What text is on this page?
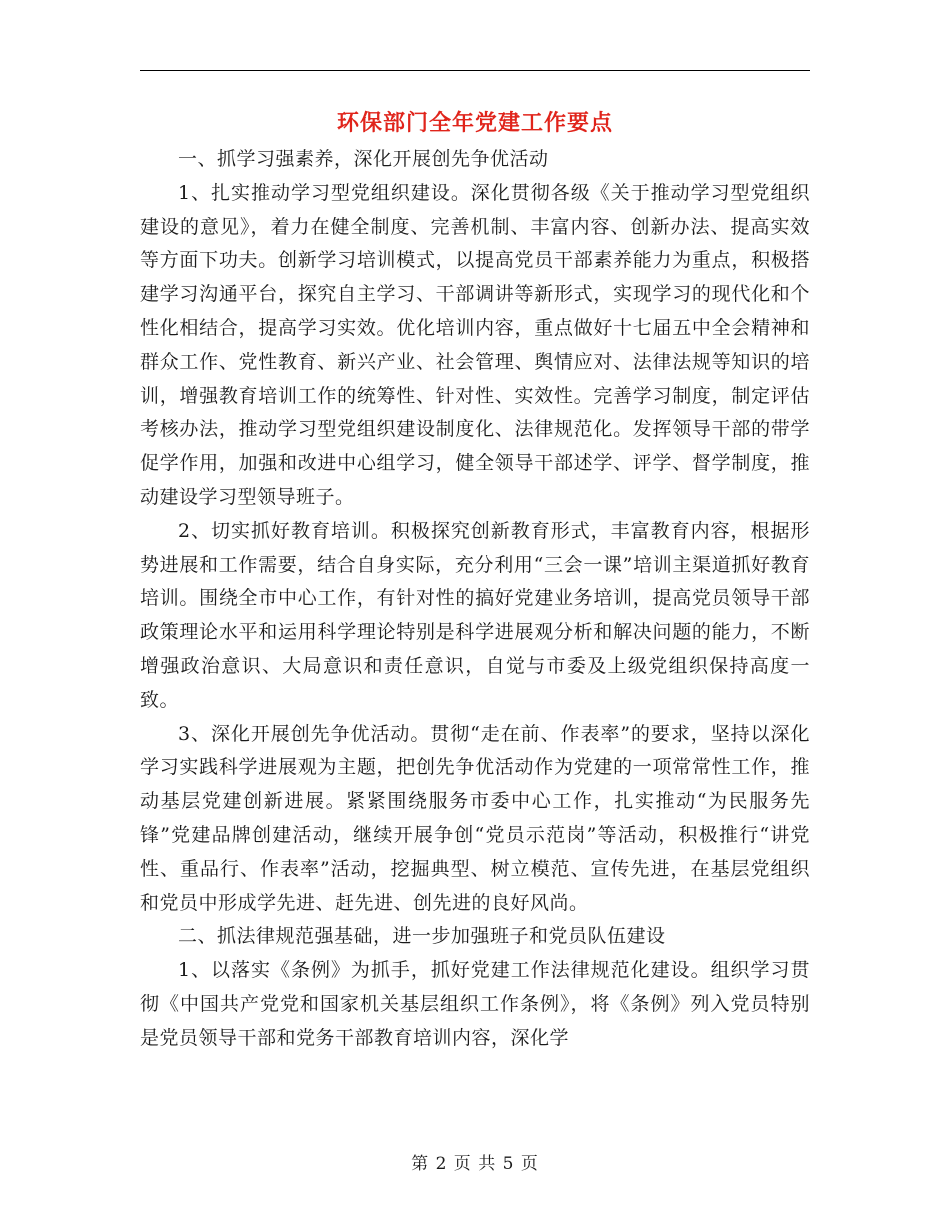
环保部门全年党建工作要点

一、抓学习强素养，深化开展创先争优活动

1、扎实推动学习型党组织建设。深化贯彻各级《关于推动学习型党组织建设的意见》，着力在健全制度、完善机制、丰富内容、创新办法、提高实效等方面下功夫。创新学习培训模式，以提高党员干部素养能力为重点，积极搭建学习沟通平台，探究自主学习、干部调讲等新形式，实现学习的现代化和个性化相结合，提高学习实效。优化培训内容，重点做好十七届五中全会精神和群众工作、党性教育、新兴产业、社会管理、舆情应对、法律法规等知识的培训，增强教育培训工作的统筹性、针对性、实效性。完善学习制度，制定评估考核办法，推动学习型党组织建设制度化、法律规范化。发挥领导干部的带学促学作用，加强和改进中心组学习，健全领导干部述学、评学、督学制度，推动建设学习型领导班子。

2、切实抓好教育培训。积极探究创新教育形式，丰富教育内容，根据形势进展和工作需要，结合自身实际，充分利用“三会一课”培训主渠道抓好教育培训。围绕全市中心工作，有针对性的搞好党建业务培训，提高党员领导干部政策理论水平和运用科学理论特别是科学进展观分析和解决问题的能力，不断增强政治意识、大局意识和责任意识，自觉与市委及上级党组织保持高度一致。

3、深化开展创先争优活动。贯彻“走在前、作表率”的要求，坚持以深化学习实践科学进展观为主题，把创先争优活动作为党建的一项常常性工作，推动基层党建创新进展。紧紧围绕服务市委中心工作，扎实推动“为民服务先锋”党建品牌创建活动，继续开展争创“党员示范岗”等活动，积极推行“讲党性、重品行、作表率”活动，挖掘典型、树立模范、宣传先进，在基层党组织和党员中形成学先进、赶先进、创先进的良好风尚。

二、抓法律规范强基础，进一步加强班子和党员队伍建设

1、以落实《条例》为抓手，抓好党建工作法律规范化建设。组织学习贯彻《中国共产党党和国家机关基层组织工作条例》，将《条例》列入党员特别是党员领导干部和党务干部教育培训内容，深化学

第 2 页 共 5 页
